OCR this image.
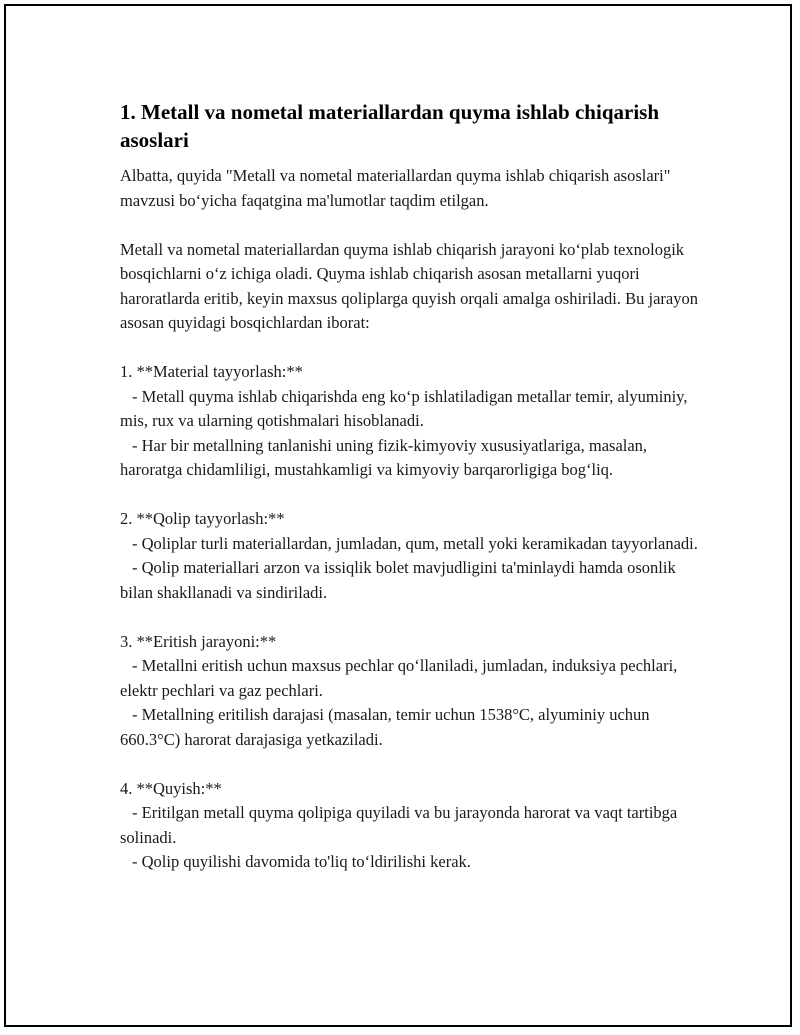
1. Metall va nometal materiallardan quyma ishlab chiqarish asoslari

Albatta, quyida "Metall va nometal materiallardan quyma ishlab chiqarish asoslari" mavzusi bo‘yicha faqatgina ma'lumotlar taqdim etilgan.

Metall va nometal materiallardan quyma ishlab chiqarish jarayoni ko‘plab texnologik bosqichlarni o‘z ichiga oladi. Quyma ishlab chiqarish asosan metallarni yuqori haroratlarda eritib, keyin maxsus qoliplarga quyish orqali amalga oshiriladi. Bu jarayon asosan quyidagi bosqichlardan iborat:

1. **Material tayyorlash:**

- Metall quyma ishlab chiqarishda eng ko‘p ishlatiladigan metallar temir, alyuminiy, mis, rux va ularning qotishmalari hisoblanadi.

- Har bir metallning tanlanishi uning fizik-kimyoviy xususiyatlariga, masalan, haroratga chidamliligi, mustahkamligi va kimyoviy barqarorligiga bog‘liq.

2. **Qolip tayyorlash:**

- Qoliplar turli materiallardan, jumladan, qum, metall yoki keramikadan tayyorlanadi.

- Qolip materiallari arzon va issiqlik bolet mavjudligini ta'minlaydi hamda osonlik bilan shakllanadi va sindiriladi.

3. **Eritish jarayoni:**

- Metallni eritish uchun maxsus pechlar qo‘llaniladi, jumladan, induksiya pechlari, elektr pechlari va gaz pechlari.

- Metallning eritilish darajasi (masalan, temir uchun 1538°C, alyuminiy uchun 660.3°C) harorat darajasiga yetkaziladi.

4. **Quyish:**

- Eritilgan metall quyma qolipiga quyiladi va bu jarayonda harorat va vaqt tartibga solinadi.

- Qolip quyilishi davomida to'liq to‘ldirilishi kerak.
